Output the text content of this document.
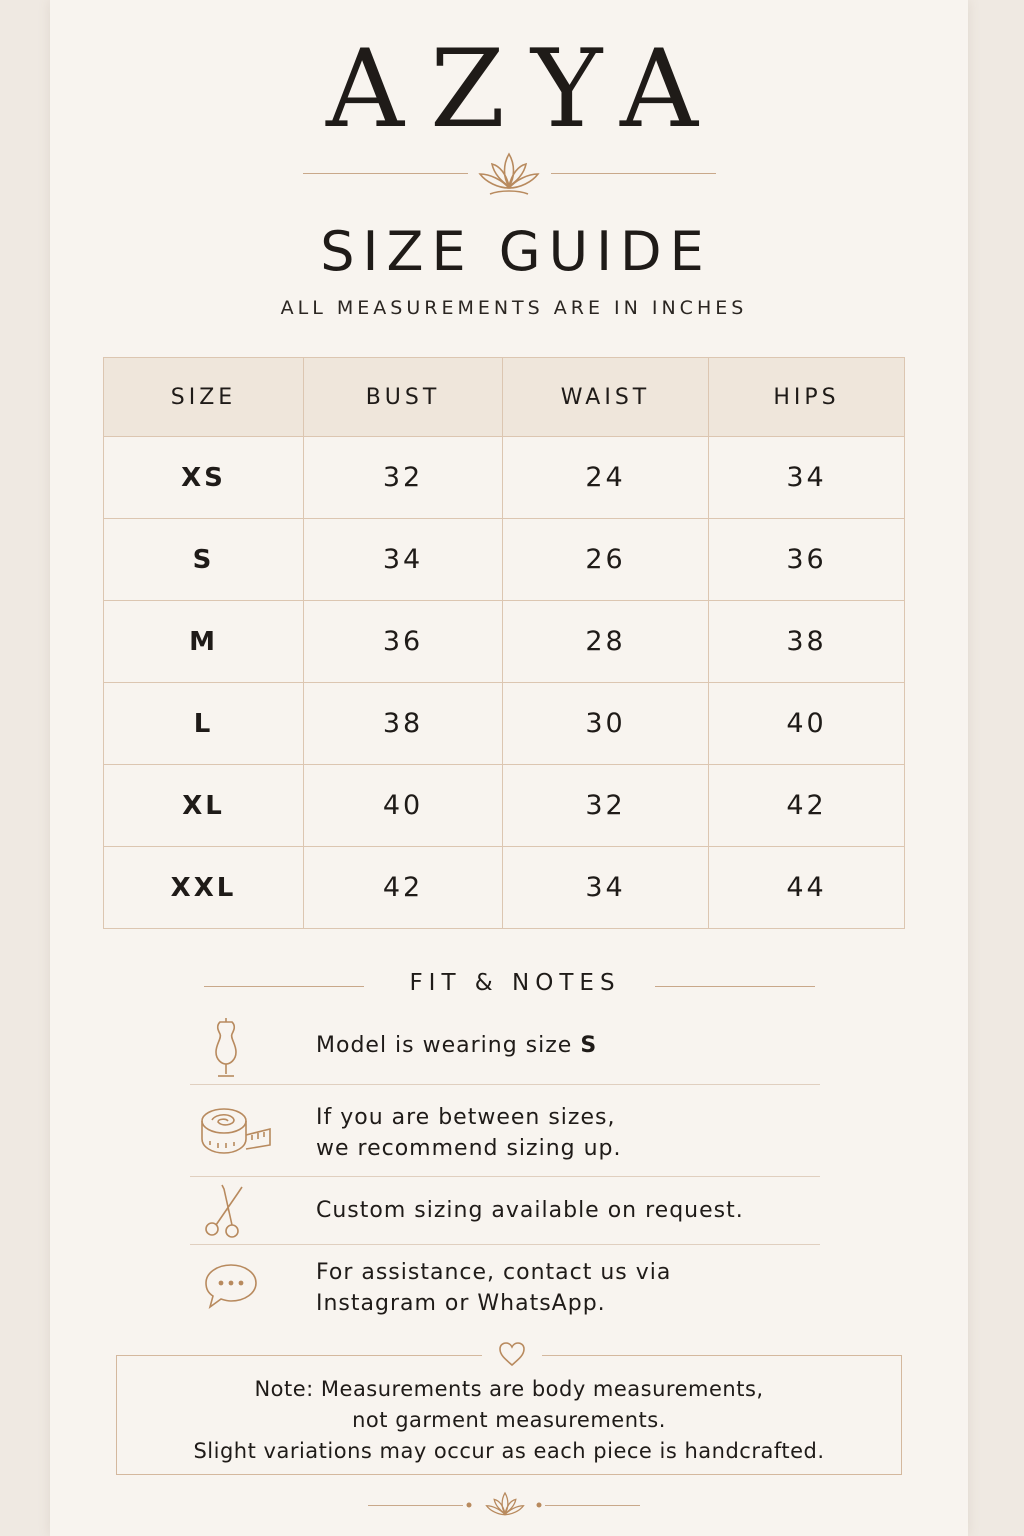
AZYA
SIZE GUIDE
ALL MEASUREMENTS ARE IN INCHES
SIZE	BUST	WAIST	HIPS
XS	32	24	34
S	34	26	36
M	36	28	38
L	38	30	40
XL	40	32	42
XXL	42	34	44
FIT & NOTES
Model is wearing size S
If you are between sizes,
we recommend sizing up.
Custom sizing available on request.
For assistance, contact us via
Instagram or WhatsApp.
Note: Measurements are body measurements,
not garment measurements.
Slight variations may occur as each piece is handcrafted.
